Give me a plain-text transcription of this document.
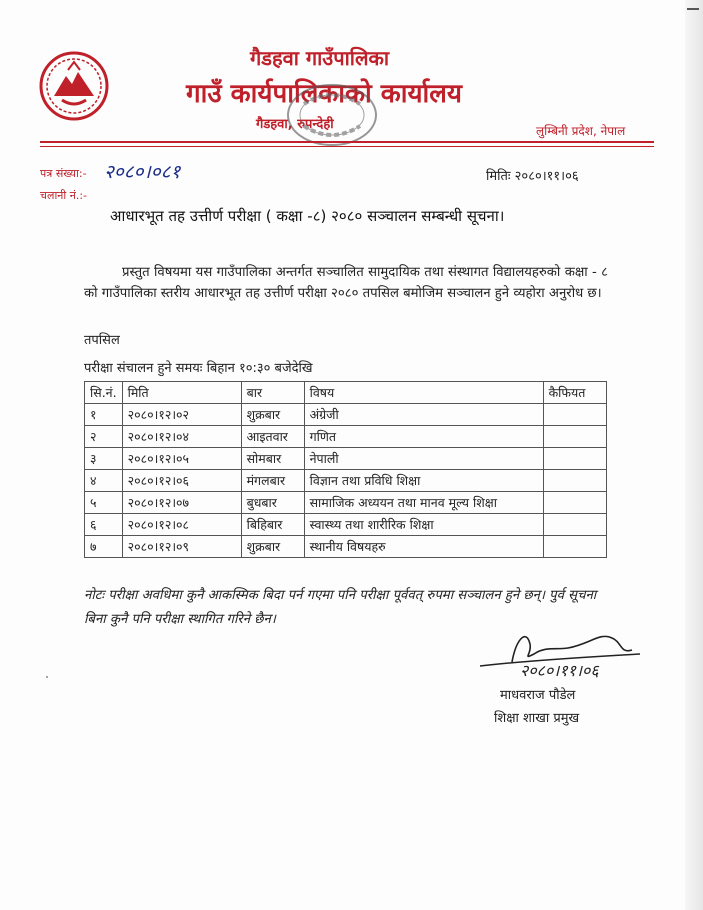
गैडहवा गाउँपालिका
गाउँ कार्यपालिकाको कार्यालय
गैडहवा, रुपन्देही	लुम्बिनी प्रदेश, नेपाल
पत्र संख्या:- २०८०।०८१	मितिः २०८०।११।०६
चलानी नं.:-
आधारभूत तह उत्तीर्ण परीक्षा ( कक्षा -८) २०८० सञ्चालन सम्बन्धी सूचना।
प्रस्तुत विषयमा यस गाउँपालिका अन्तर्गत सञ्चालित सामुदायिक तथा संस्थागत विद्यालयहरुको कक्षा - ८ को गाउँपालिका स्तरीय आधारभूत तह उत्तीर्ण परीक्षा २०८० तपसिल बमोजिम सञ्चालन हुने व्यहोरा अनुरोध छ।
तपसिल
परीक्षा संचालन हुने समयः बिहान १०:३० बजेदेखि
सि.नं.	मिति	बार	विषय	कैफियत
१	२०८०।१२।०२	शुक्रबार	अंग्रेजी	
२	२०८०।१२।०४	आइतवार	गणित	
३	२०८०।१२।०५	सोमबार	नेपाली	
४	२०८०।१२।०६	मंगलबार	विज्ञान तथा प्रविधि शिक्षा	
५	२०८०।१२।०७	बुधबार	सामाजिक अध्ययन तथा मानव मूल्य शिक्षा	
६	२०८०।१२।०८	बिहिबार	स्वास्थ्य तथा शारीरिक शिक्षा	
७	२०८०।१२।०९	शुक्रबार	स्थानीय विषयहरु	
नोटः परीक्षा अवधिमा कुनै आकस्मिक बिदा पर्न गएमा पनि परीक्षा पूर्ववत् रुपमा सञ्चालन हुने छन्। पुर्व सूचना बिना कुनै पनि परीक्षा स्थागित गरिने छैन।
२०८०।११।०६
माधवराज पौडेल
शिक्षा शाखा प्रमुख
